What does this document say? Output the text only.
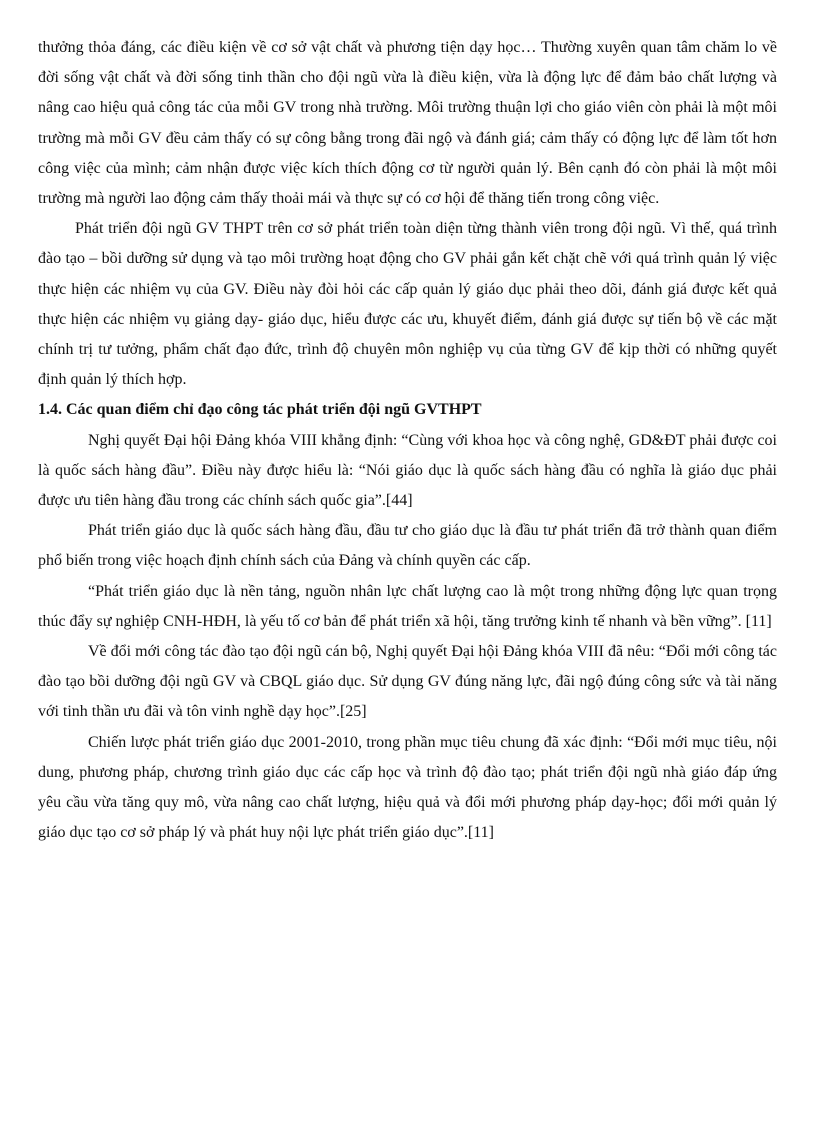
thưởng thỏa đáng, các điều kiện về cơ sở vật chất và phương tiện dạy học… Thường xuyên quan tâm chăm lo về đời sống vật chất và đời sống tinh thần cho đội ngũ vừa là điều kiện, vừa là động lực để đảm bảo chất lượng và nâng cao hiệu quả công tác của mỗi GV trong nhà trường. Môi trường thuận lợi cho giáo viên còn phải là một môi trường mà mỗi GV đều cảm thấy có sự công bằng trong đãi ngộ và đánh giá; cảm thấy có động lực để làm tốt hơn công việc của mình; cảm nhận được việc kích thích động cơ từ người quản lý. Bên cạnh đó còn phải là một môi trường mà người lao động cảm thấy thoải mái và thực sự có cơ hội để thăng tiến trong công việc.

Phát triển đội ngũ GV THPT trên cơ sở phát triển toàn diện từng thành viên trong đội ngũ. Vì thế, quá trình đào tạo – bồi dưỡng sử dụng và tạo môi trường hoạt động cho GV phải gắn kết chặt chẽ với quá trình quản lý việc thực hiện các nhiệm vụ của GV. Điều này đòi hỏi các cấp quản lý giáo dục phải theo dõi, đánh giá được kết quả thực hiện các nhiệm vụ giảng dạy- giáo dục, hiểu được các ưu, khuyết điểm, đánh giá được sự tiến bộ về các mặt chính trị tư tưởng, phẩm chất đạo đức, trình độ chuyên môn nghiệp vụ của từng GV để kịp thời có những quyết định quản lý thích hợp.

1.4. Các quan điểm chỉ đạo công tác phát triển đội ngũ GVTHPT

Nghị quyết Đại hội Đảng khóa VIII khẳng định: “Cùng với khoa học và công nghệ, GD&ĐT phải được coi là quốc sách hàng đầu”. Điều này được hiểu là: “Nói giáo dục là quốc sách hàng đầu có nghĩa là giáo dục phải được ưu tiên hàng đầu trong các chính sách quốc gia”.[44]

Phát triển giáo dục là quốc sách hàng đầu, đầu tư cho giáo dục là đầu tư phát triển đã trở thành quan điểm phổ biến trong việc hoạch định chính sách của Đảng và chính quyền các cấp.

“Phát triển giáo dục là nền tảng, nguồn nhân lực chất lượng cao là một trong những động lực quan trọng thúc đẩy sự nghiệp CNH-HĐH, là yếu tố cơ bản để phát triển xã hội, tăng trưởng kinh tế nhanh và bền vững”. [11]

Về đổi mới công tác đào tạo đội ngũ cán bộ, Nghị quyết Đại hội Đảng khóa VIII đã nêu: “Đổi mới công tác đào tạo bồi dưỡng đội ngũ GV và CBQL giáo dục. Sử dụng GV đúng năng lực, đãi ngộ đúng công sức và tài năng với tinh thần ưu đãi và tôn vinh nghề dạy học”.[25]

Chiến lược phát triển giáo dục 2001-2010, trong phần mục tiêu chung đã xác định: “Đổi mới mục tiêu, nội dung, phương pháp, chương trình giáo dục các cấp học và trình độ đào tạo; phát triển đội ngũ nhà giáo đáp ứng yêu cầu vừa tăng quy mô, vừa nâng cao chất lượng, hiệu quả và đổi mới phương pháp dạy-học; đổi mới quản lý giáo dục tạo cơ sở pháp lý và phát huy nội lực phát triển giáo dục”.[11]
